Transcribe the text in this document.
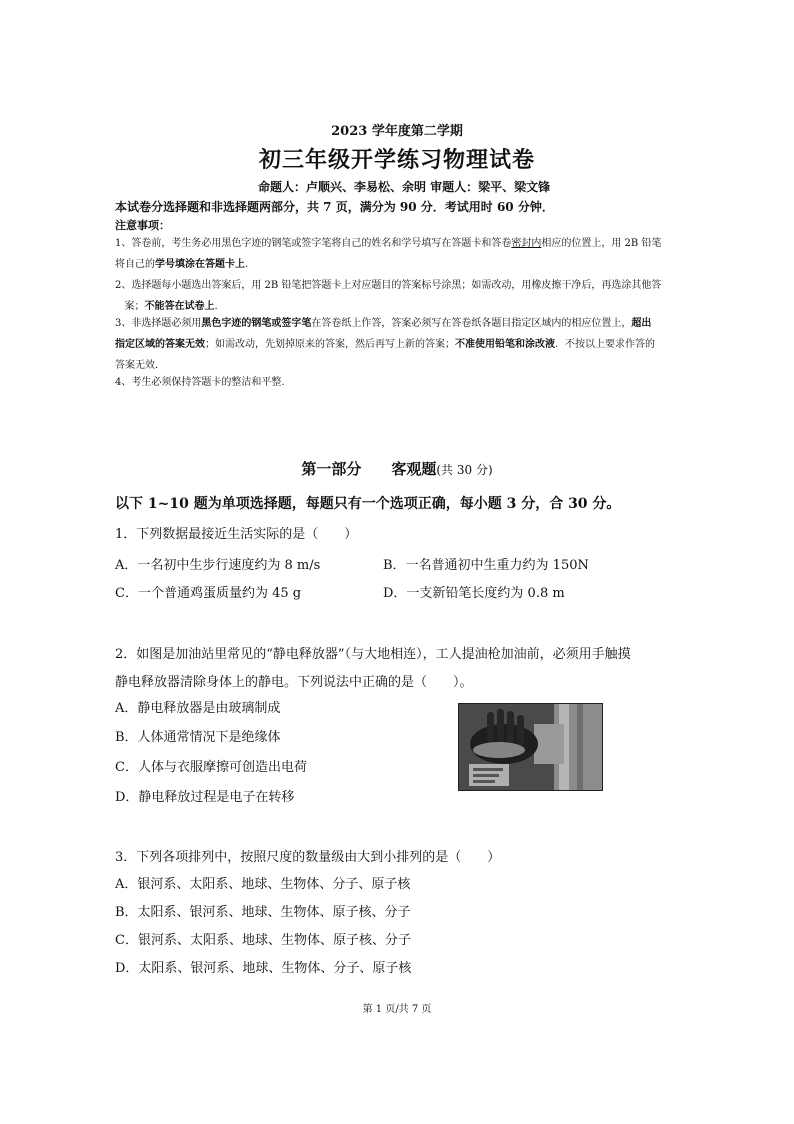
2023 学年度第二学期
初三年级开学练习物理试卷
命题人：卢顺兴、李易松、余明 审题人：梁平、梁文锋
本试卷分选择题和非选择题两部分，共 7 页，满分为 90 分．考试用时 60 分钟．
注意事项：
1、答卷前，考生务必用黑色字迹的钢笔或签字笔将自己的姓名和学号填写在答题卡和答卷密封内相应的位置上，用 2B 铅笔
将自己的学号填涂在答题卡上.
2、选择题每小题选出答案后，用 2B 铅笔把答题卡上对应题目的答案标号涂黑；如需改动，用橡皮擦干净后，再选涂其他答
案；不能答在试卷上.
3、非选择题必须用黑色字迹的钢笔或签字笔在答卷纸上作答，答案必须写在答卷纸各题目指定区域内的相应位置上，超出
指定区域的答案无效；如需改动，先划掉原来的答案，然后再写上新的答案；不准使用铅笔和涂改液．不按以上要求作答的
答案无效．
4、考生必须保持答题卡的整洁和平整.
第一部分　　客观题(共 30 分)
以下 1~10 题为单项选择题，每题只有一个选项正确，每小题 3 分，合 30 分。
1．下列数据最接近生活实际的是（　　）
A．一名初中生步行速度约为 8 m/s	B．一名普通初中生重力约为 150N
C．一个普通鸡蛋质量约为 45 g	D．一支新铅笔长度约为 0.8 m
2．如图是加油站里常见的“静电释放器”（与大地相连），工人提油枪加油前，必须用手触摸
静电释放器清除身体上的静电。下列说法中正确的是（　　）。
A．静电释放器是由玻璃制成
B．人体通常情况下是绝缘体
C．人体与衣服摩擦可创造出电荷
D．静电释放过程是电子在转移
3．下列各项排列中，按照尺度的数量级由大到小排列的是（　　）
A．银河系、太阳系、地球、生物体、分子、原子核
B．太阳系、银河系、地球、生物体、原子核、分子
C．银河系、太阳系、地球、生物体、原子核、分子
D．太阳系、银河系、地球、生物体、分子、原子核
第 1 页/共 7 页
